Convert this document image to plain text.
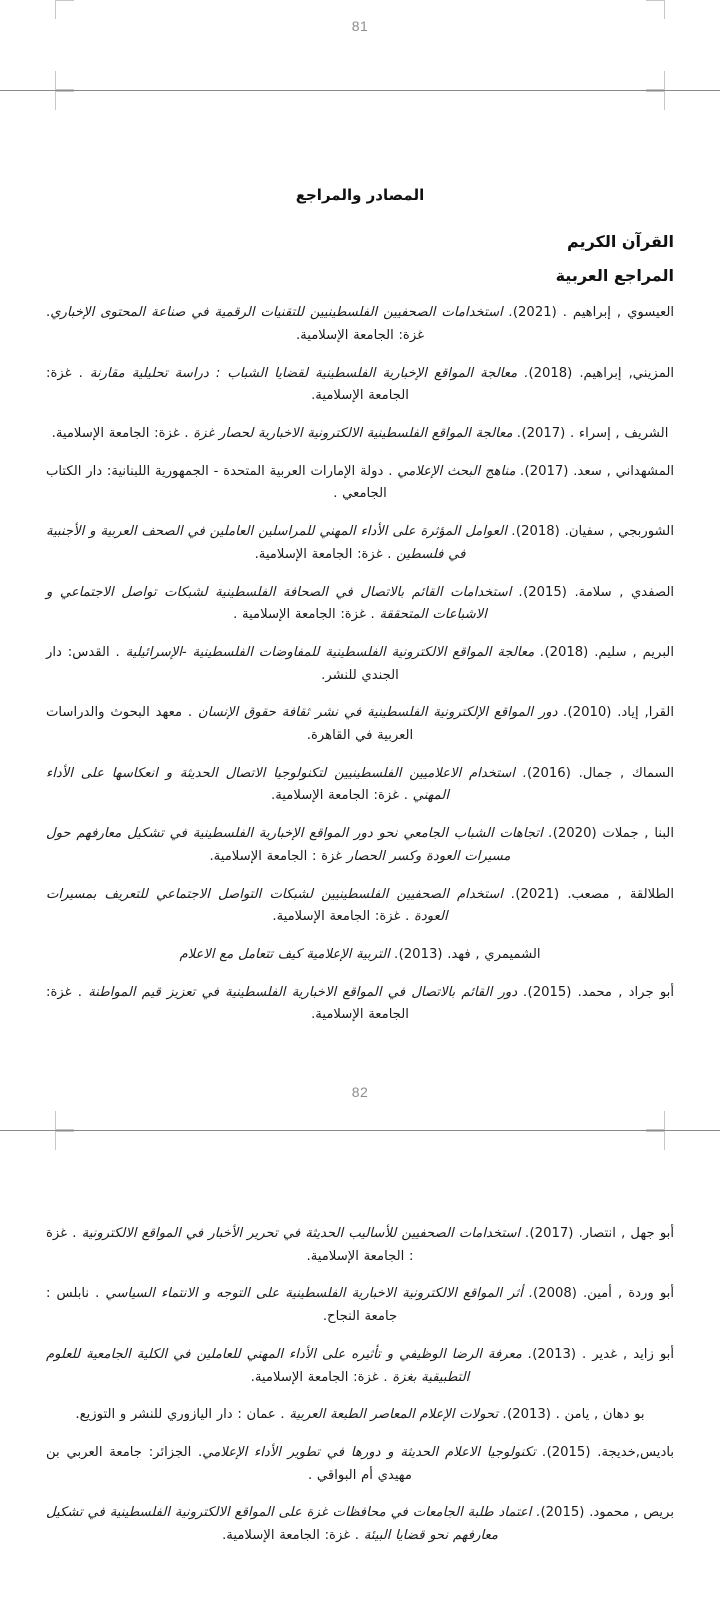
81
المصادر والمراجع
القرآن الكريم
المراجع العربية

العيسوي , إبراهيم . (2021). استخدامات الصحفيين الفلسطينيين للتقنيات الرقمية في صناعة المحتوى الإخباري. غزة: الجامعة الإسلامية.

المزيني, إبراهيم. (2018). معالجة المواقع الإخبارية الفلسطينية لقضايا الشباب : دراسة تحليلية مقارنة . غزة: الجامعة الإسلامية.

الشريف , إسراء . (2017). معالجة المواقع الفلسطينية الالكترونية الاخبارية لحصار غزة . غزة: الجامعة الإسلامية.

المشهداني , سعد. (2017). مناهج البحث الإعلامي . دولة الإمارات العربية المتحدة - الجمهورية اللبنانية: دار الكتاب الجامعي .

الشوربجي , سفيان. (2018). العوامل المؤثرة على الأداء المهني للمراسلين العاملين في الصحف العربية و الأجنبية في فلسطين . غزة: الجامعة الإسلامية.

الصفدي , سلامة. (2015). استخدامات القائم بالاتصال في الصحافة الفلسطينية لشبكات تواصل الاجتماعي و الاشباعات المتحققة . غزة: الجامعة الإسلامية .

البريم , سليم. (2018). معالجة المواقع الالكترونية الفلسطينية للمفاوضات الفلسطينية -الإسرائيلية . القدس: دار الجندي للنشر.

القرا, إياد. (2010). دور المواقع الإلكترونية الفلسطينية في نشر ثقافة حقوق الإنسان . معهد البحوث والدراسات العربية في القاهرة.

السماك , جمال. (2016). استخدام الاعلاميين الفلسطينيين لتكنولوجيا الاتصال الحديثة و انعكاسها على الأداء المهني . غزة: الجامعة الإسلامية.

البنا , جملات (2020). اتجاهات الشباب الجامعي نحو دور المواقع الإخبارية الفلسطينية في تشكيل معارفهم حول مسيرات العودة وكسر الحصار غزة : الجامعة الإسلامية.

الطلالقة , مصعب. (2021). استخدام الصحفيين الفلسطينيين لشبكات التواصل الاجتماعي للتعريف بمسيرات العودة . غزة: الجامعة الإسلامية.

الشميمري , فهد. (2013). التربية الإعلامية كيف تتعامل مع الاعلام

أبو جراد , محمد. (2015). دور القائم بالاتصال في المواقع الاخبارية الفلسطينية في تعزيز قيم المواطنة . غزة: الجامعة الإسلامية.

82

أبو جهل , انتصار. (2017). استخدامات الصحفيين للأساليب الحديثة في تحرير الأخبار في المواقع الالكترونية . غزة : الجامعة الإسلامية.

أبو وردة , أمين. (2008). أثر المواقع الالكترونية الاخبارية الفلسطينية على التوجه و الانتماء السياسي . نابلس : جامعة النجاح.

أبو زايد , غدير . (2013). معرفة الرضا الوظيفي و تأثيره على الأداء المهني للعاملين في الكلية الجامعية للعلوم التطبيقية بغزة . غزة: الجامعة الإسلامية.

بو دهان , يامن . (2013). تحولات الإعلام المعاصر الطبعة العربية . عمان : دار اليازوري للنشر و التوزيع.

باديس,خديجة. (2015). تكنولوجيا الاعلام الحديثة و دورها في تطوير الأداء الإعلامي. الجزائر: جامعة العربي بن مهيدي أم البواقي .

بريص , محمود. (2015). اعتماد طلبة الجامعات في محافظات غزة على المواقع الالكترونية الفلسطينية في تشكيل معارفهم نحو قضايا البيئة . غزة: الجامعة الإسلامية.
